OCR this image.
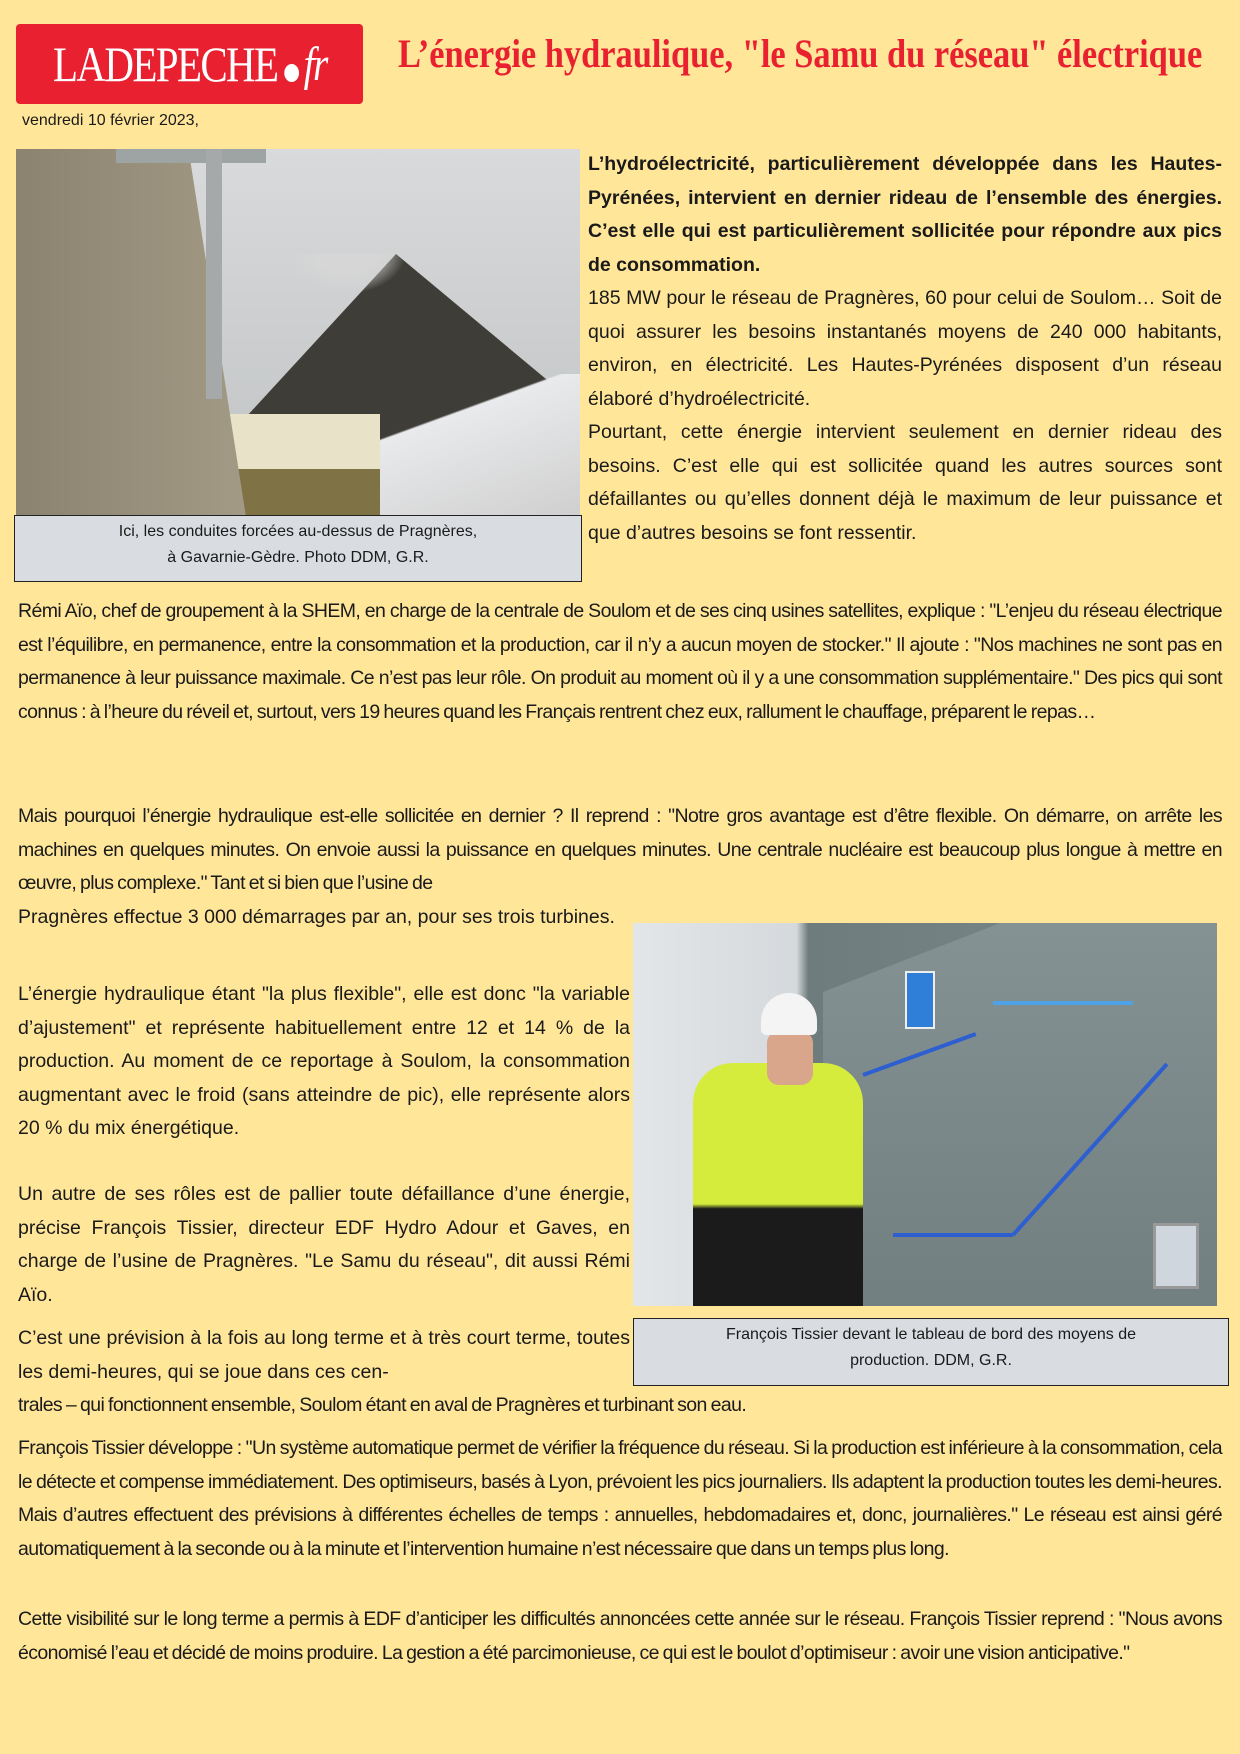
LADEPECHE fr L’énergie hydraulique, "le Samu du réseau" électrique
vendredi 10 février 2023,
Ici, les conduites forcées au-dessus de Pragnères,
à Gavarnie-Gèdre. Photo DDM, G.R.

L’hydroélectricité, particulièrement développée dans les Hautes-Pyrénées, intervient en dernier rideau de l’ensemble des énergies. C’est elle qui est particulièrement sollicitée pour répondre aux pics de consommation.

185 MW pour le réseau de Pragnères, 60 pour celui de Soulom… Soit de quoi assurer les besoins instantanés moyens de 240 000 habitants, environ, en électricité. Les Hautes-Pyrénées disposent d’un réseau élaboré d’hydroélectricité.

Pourtant, cette énergie intervient seulement en dernier rideau des besoins. C’est elle qui est sollicitée quand les autres sources sont défaillantes ou qu’elles donnent déjà le maximum de leur puissance et que d’autres besoins se font ressentir.

Rémi Aïo, chef de groupement à la SHEM, en charge de la centrale de Soulom et de ses cinq usines satellites, explique : "L’enjeu du réseau électrique est l’équilibre, en permanence, entre la consommation et la production, car il n’y a aucun moyen de stocker." Il ajoute : "Nos machines ne sont pas en permanence à leur puissance maximale. Ce n’est pas leur rôle. On produit au moment où il y a une consommation supplémentaire." Des pics qui sont connus : à l’heure du réveil et, surtout, vers 19 heures quand les Français rentrent chez eux, rallument le chauffage, préparent le repas…
Mais pourquoi l’énergie hydraulique est-elle sollicitée en dernier ? Il reprend : "Notre gros avantage est d’être flexible. On démarre, on arrête les machines en quelques minutes. On envoie aussi la puissance en quelques minutes. Une centrale nucléaire est beaucoup plus longue à mettre en œuvre, plus complexe." Tant et si bien que l’usine de
Pragnères effectue 3 000 démarrages par an, pour ses trois turbines.
L’énergie hydraulique étant "la plus flexible", elle est donc "la variable d’ajustement" et représente habituellement entre 12 et 14 % de la production. Au moment de ce reportage à Soulom, la consommation augmentant avec le froid (sans atteindre de pic), elle représente alors 20 % du mix énergétique.
Un autre de ses rôles est de pallier toute défaillance d’une énergie, précise François Tissier, directeur EDF Hydro Adour et Gaves, en charge de l’usine de Pragnères. "Le Samu du réseau", dit aussi Rémi Aïo.
C’est une prévision à la fois au long terme et à très court terme, toutes les demi-heures, qui se joue dans ces cen-
François Tissier devant le tableau de bord des moyens de
production. DDM, G.R.
trales – qui fonctionnent ensemble, Soulom étant en aval de Pragnères et turbinant son eau.
François Tissier développe : "Un système automatique permet de vérifier la fréquence du réseau. Si la production est inférieure à la consommation, cela le détecte et compense immédiatement. Des optimiseurs, basés à Lyon, prévoient les pics journaliers. Ils adaptent la production toutes les demi-heures. Mais d’autres effectuent des prévisions à différentes échelles de temps : annuelles, hebdomadaires et, donc, journalières." Le réseau est ainsi géré automatiquement à la seconde ou à la minute et l’intervention humaine n’est nécessaire que dans un temps plus long.
Cette visibilité sur le long terme a permis à EDF d’anticiper les difficultés annoncées cette année sur le réseau. François Tissier reprend : "Nous avons économisé l’eau et décidé de moins produire. La gestion a été parcimonieuse, ce qui est le boulot d’optimiseur : avoir une vision anticipative."
